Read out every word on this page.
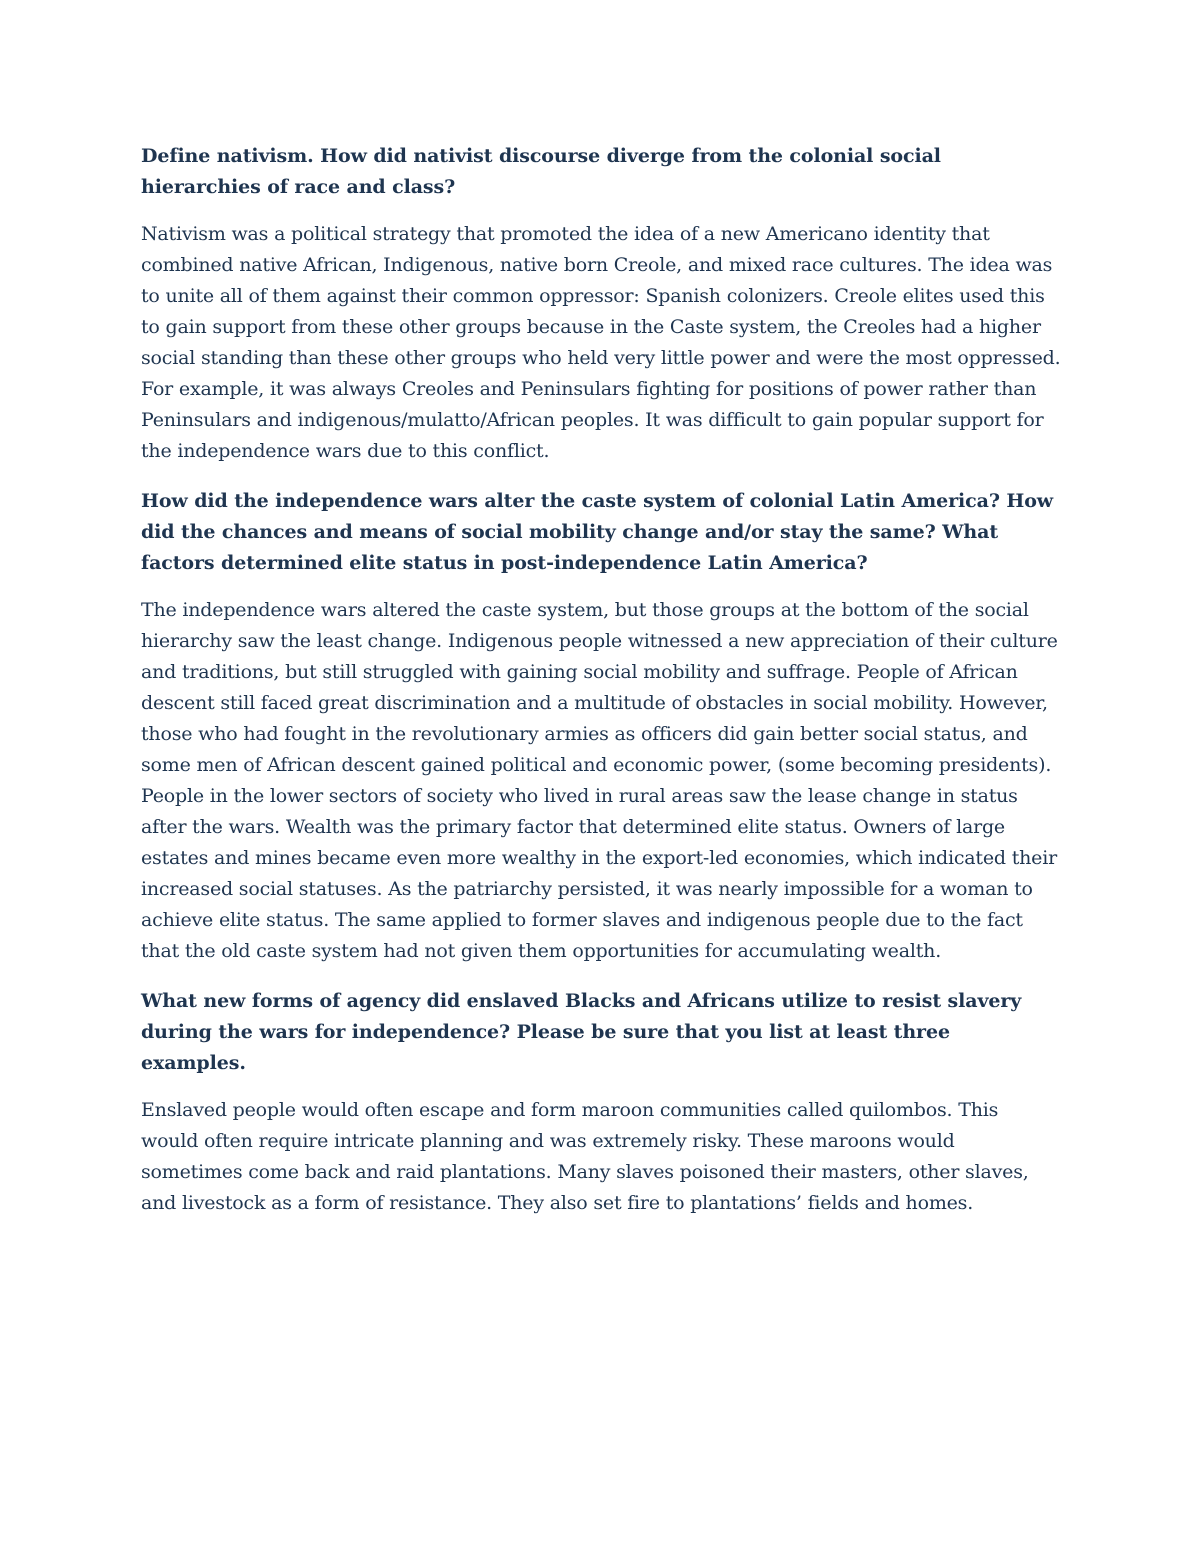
Define nativism. How did nativist discourse diverge from the colonial social hierarchies of race and class?

Nativism was a political strategy that promoted the idea of a new Americano identity that combined native African, Indigenous, native born Creole, and mixed race cultures. The idea was to unite all of them against their common oppressor: Spanish colonizers. Creole elites used this to gain support from these other groups because in the Caste system, the Creoles had a higher social standing than these other groups who held very little power and were the most oppressed. For example, it was always Creoles and Peninsulars fighting for positions of power rather than Peninsulars and indigenous/mulatto/African peoples. It was difficult to gain popular support for the independence wars due to this conflict.

How did the independence wars alter the caste system of colonial Latin America? How did the chances and means of social mobility change and/or stay the same? What factors determined elite status in post-independence Latin America?

The independence wars altered the caste system, but those groups at the bottom of the social hierarchy saw the least change. Indigenous people witnessed a new appreciation of their culture and traditions, but still struggled with gaining social mobility and suffrage. People of African descent still faced great discrimination and a multitude of obstacles in social mobility. However, those who had fought in the revolutionary armies as officers did gain better social status, and some men of African descent gained political and economic power, (some becoming presidents). People in the lower sectors of society who lived in rural areas saw the lease change in status after the wars. Wealth was the primary factor that determined elite status. Owners of large estates and mines became even more wealthy in the export-led economies, which indicated their increased social statuses. As the patriarchy persisted, it was nearly impossible for a woman to achieve elite status. The same applied to former slaves and indigenous people due to the fact that the old caste system had not given them opportunities for accumulating wealth.

What new forms of agency did enslaved Blacks and Africans utilize to resist slavery during the wars for independence? Please be sure that you list at least three examples.

Enslaved people would often escape and form maroon communities called quilombos. This would often require intricate planning and was extremely risky. These maroons would sometimes come back and raid plantations. Many slaves poisoned their masters, other slaves, and livestock as a form of resistance. They also set fire to plantations’ fields and homes.
